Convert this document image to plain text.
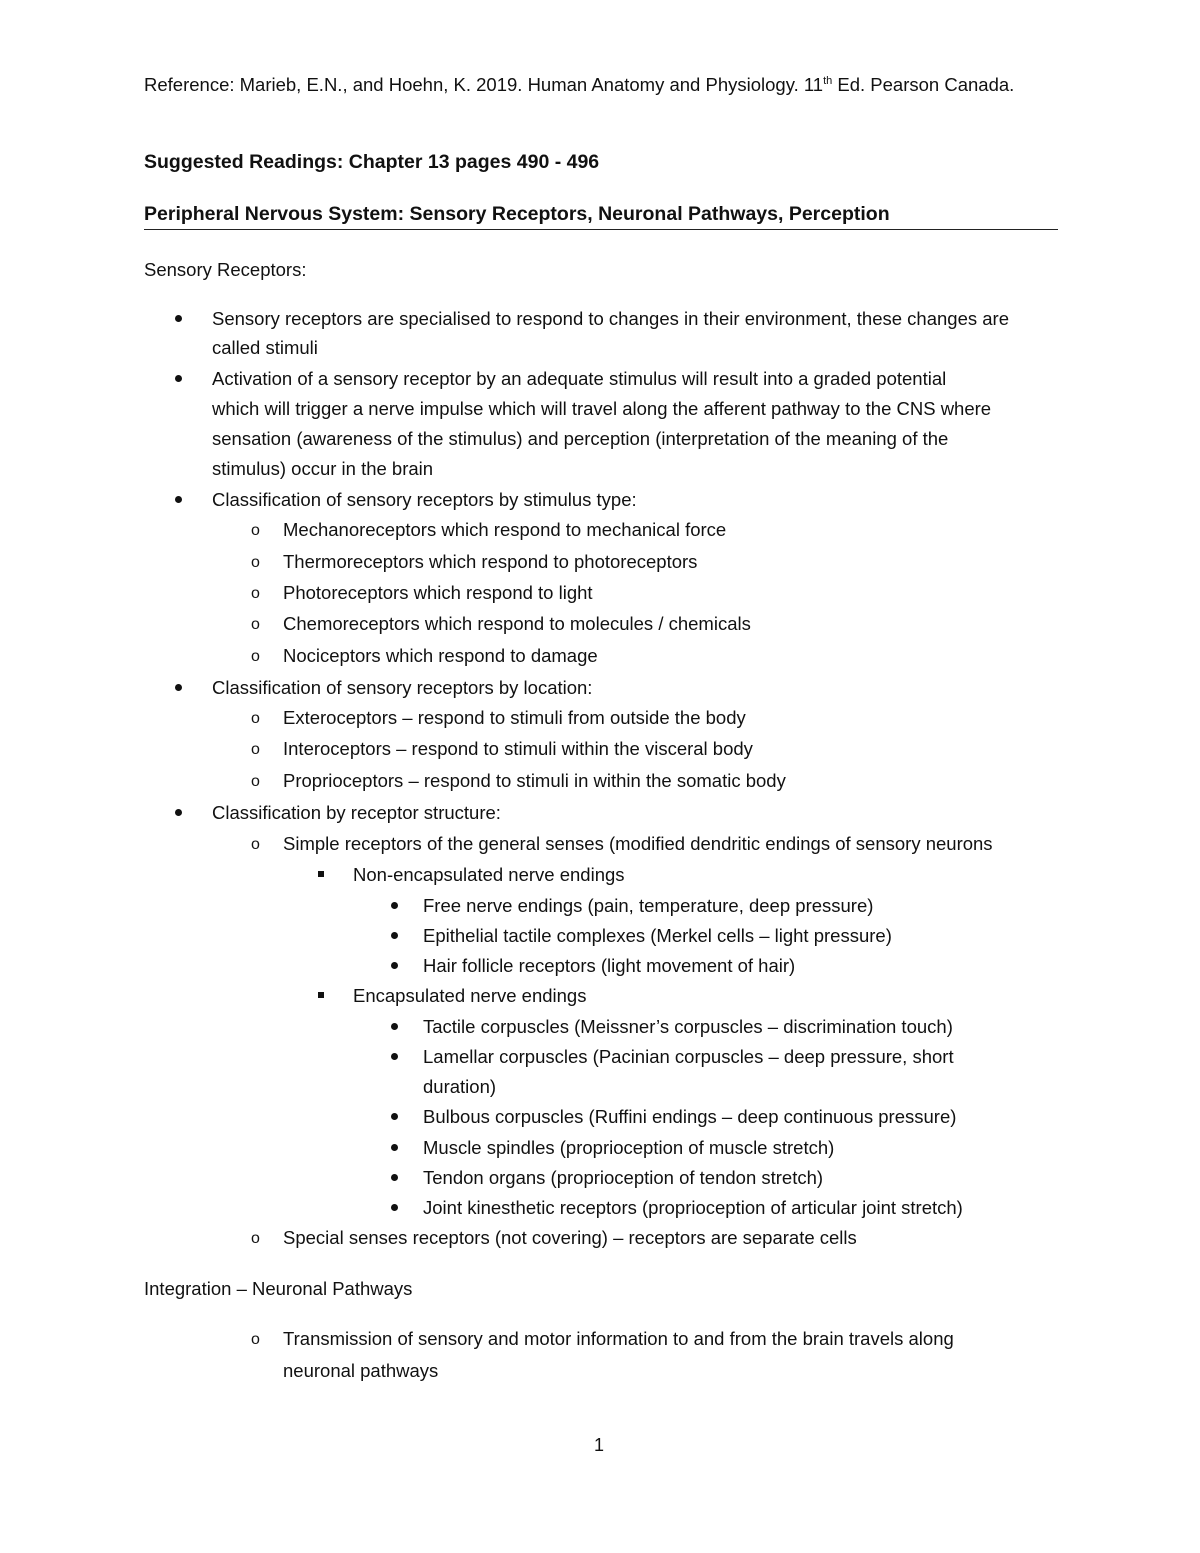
Reference: Marieb, E.N., and Hoehn, K. 2019. Human Anatomy and Physiology. 11th Ed. Pearson Canada.
Suggested Readings: Chapter 13 pages 490 - 496
Peripheral Nervous System: Sensory Receptors, Neuronal Pathways, Perception
Sensory Receptors:
Sensory receptors are specialised to respond to changes in their environment, these changes are
called stimuli
Activation of a sensory receptor by an adequate stimulus will result into a graded potential
which will trigger a nerve impulse which will travel along the afferent pathway to the CNS where
sensation (awareness of the stimulus) and perception (interpretation of the meaning of the
stimulus) occur in the brain
Classification of sensory receptors by stimulus type:
o Mechanoreceptors which respond to mechanical force
o Thermoreceptors which respond to photoreceptors
o Photoreceptors which respond to light
o Chemoreceptors which respond to molecules / chemicals
o Nociceptors which respond to damage
Classification of sensory receptors by location:
o Exteroceptors – respond to stimuli from outside the body
o Interoceptors – respond to stimuli within the visceral body
o Proprioceptors – respond to stimuli in within the somatic body
Classification by receptor structure:
o Simple receptors of the general senses (modified dendritic endings of sensory neurons
Non-encapsulated nerve endings
Free nerve endings (pain, temperature, deep pressure)
Epithelial tactile complexes (Merkel cells – light pressure)
Hair follicle receptors (light movement of hair)
Encapsulated nerve endings
Tactile corpuscles (Meissner’s corpuscles – discrimination touch)
Lamellar corpuscles (Pacinian corpuscles – deep pressure, short
duration)
Bulbous corpuscles (Ruffini endings – deep continuous pressure)
Muscle spindles (proprioception of muscle stretch)
Tendon organs (proprioception of tendon stretch)
Joint kinesthetic receptors (proprioception of articular joint stretch)
o Special senses receptors (not covering) – receptors are separate cells
Integration – Neuronal Pathways
o Transmission of sensory and motor information to and from the brain travels along
neuronal pathways
1
